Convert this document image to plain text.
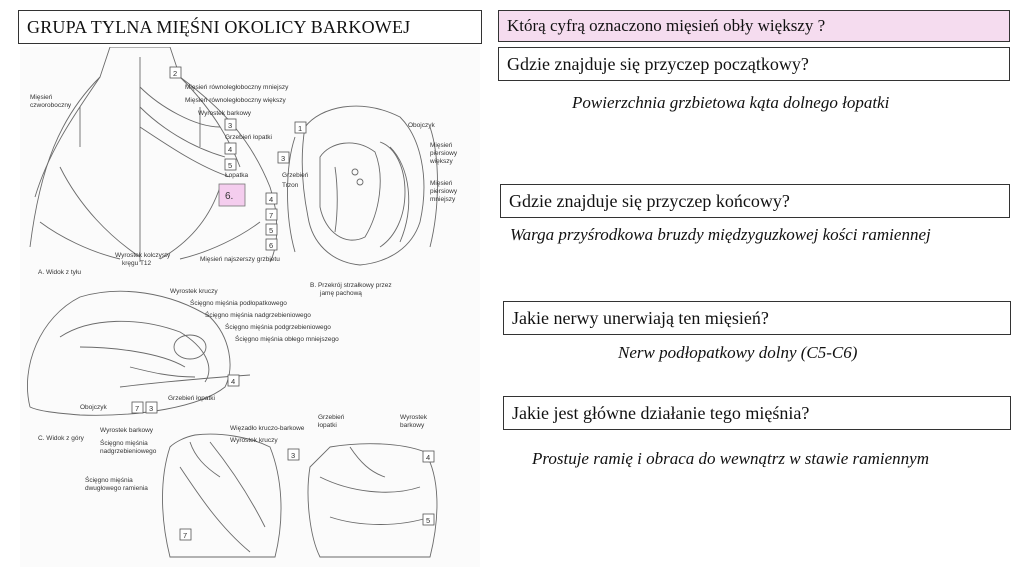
GRUPA TYLNA MIĘŚNI OKOLICY BARKOWEJ	Którą cyfrą oznaczono mięsień obły większy ?
Gdzie znajduje się przyczep początkowy?
Powierzchnia grzbietowa kąta dolnego łopatki
Gdzie znajduje się przyczep końcowy?
Warga przyśrodkowa bruzdy międzyguzkowej kości ramiennej
Jakie nerwy unerwiają ten mięsień?
Nerw podłopatkowy dolny (C5-C6)
Jakie jest główne działanie tego mięśnia?
Prostuje ramię i obraca do wewnątrz w stawie ramiennym
Mięsień
czworoboczny
Mięsień równoległoboczny mniejszy
Mięsień równoległoboczny większy
Wyrostek barkowy
Grzebień łopatki
Łopatka
Wyrostek kolczysty
kręgu T12
Mięsień najszerszy grzbietu
A. Widok z tyłu
Obojczyk
Mięsień
piersiowy
większy
Mięsień
piersiowy
mniejszy
Grzebień
Trzon
B. Przekrój strzałkowy przez
jamę pachową
Wyrostek kruczy
Ścięgno mięśnia podłopatkowego
Ścięgno mięśnia nadgrzebieniowego
Ścięgno mięśnia podgrzebieniowego
Ścięgno mięśnia obłego mniejszego
Obojczyk
Grzebień łopatki
C. Widok z góry
Wyrostek barkowy	Więzadło kruczo-barkowe
Wyrostek kruczy
Ścięgno mięśnia
nadgrzebieniowego
Ścięgno mięśnia
dwugłowego ramienia
Grzebień
łopatki
Wyrostek
barkowy
2
3
4
5
1
3
4
7
5
6
4
7 3
7
3	4
5
6.
